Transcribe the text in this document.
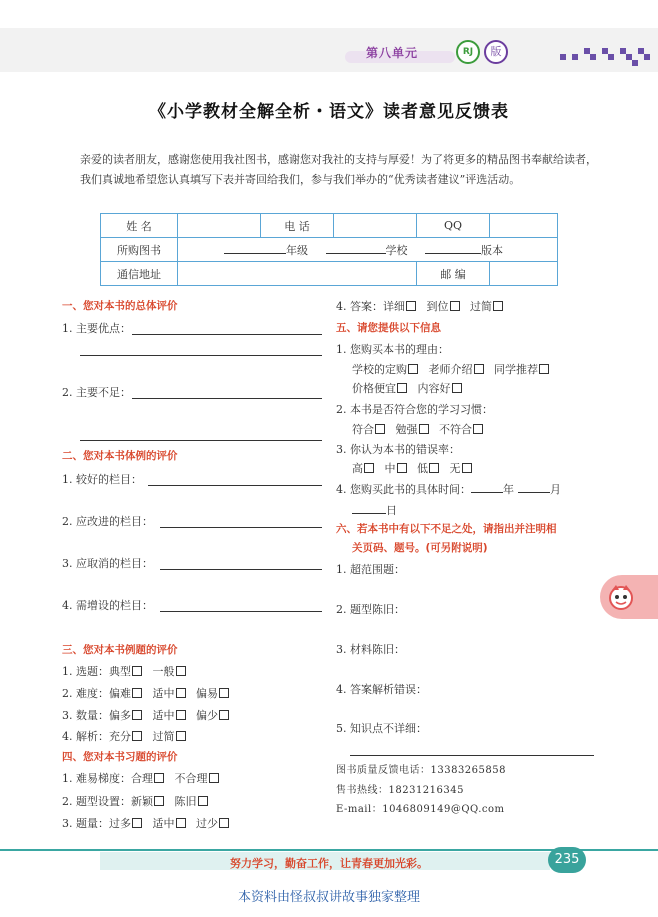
第八单元	RJ	版
《小学教材全解全析・语文》读者意见反馈表
亲爱的读者朋友，感谢您使用我社图书，感谢您对我社的支持与厚爱！为了将更多的精品图书奉献给读者，我们真诚地希望您认真填写下表并寄回给我们，参与我们举办的“优秀读者建议”评选活动。
姓 名		电 话		QQ	
所购图书	年级 学校 版本				
通信地址				邮 编	
一、您对本书的总体评价
1. 主要优点：
2. 主要不足：
二、您对本书体例的评价
1. 较好的栏目：
2. 应改进的栏目：
3. 应取消的栏目：
4. 需增设的栏目：
三、您对本书例题的评价
1. 选题：典型 一般
2. 难度：偏难 适中 偏易
3. 数量：偏多 适中 偏少
4. 解析：充分 过简
四、您对本书习题的评价
1. 难易梯度：合理 不合理
2. 题型设置：新颖 陈旧
3. 题量：过多 适中 过少
4. 答案：详细 到位 过简
五、请您提供以下信息
1. 您购买本书的理由：
学校的定购 老师介绍 同学推荐
价格便宜 内容好
2. 本书是否符合您的学习习惯：
符合 勉强 不符合
3. 你认为本书的错误率：
高 中 低 无
4. 您购买此书的具体时间：	年	月
日
六、若本书中有以下不足之处，请指出并注明相
关页码、题号。(可另附说明)
1. 超范围题：
2. 题型陈旧：
3. 材料陈旧：
4. 答案解析错误：
5. 知识点不详细：
图书质量反馈电话：13383265858
售书热线：18231216345
E-mail：1046809149@QQ.com
努力学习，勤奋工作，让青春更加光彩。	235
本资料由怪叔叔讲故事独家整理
